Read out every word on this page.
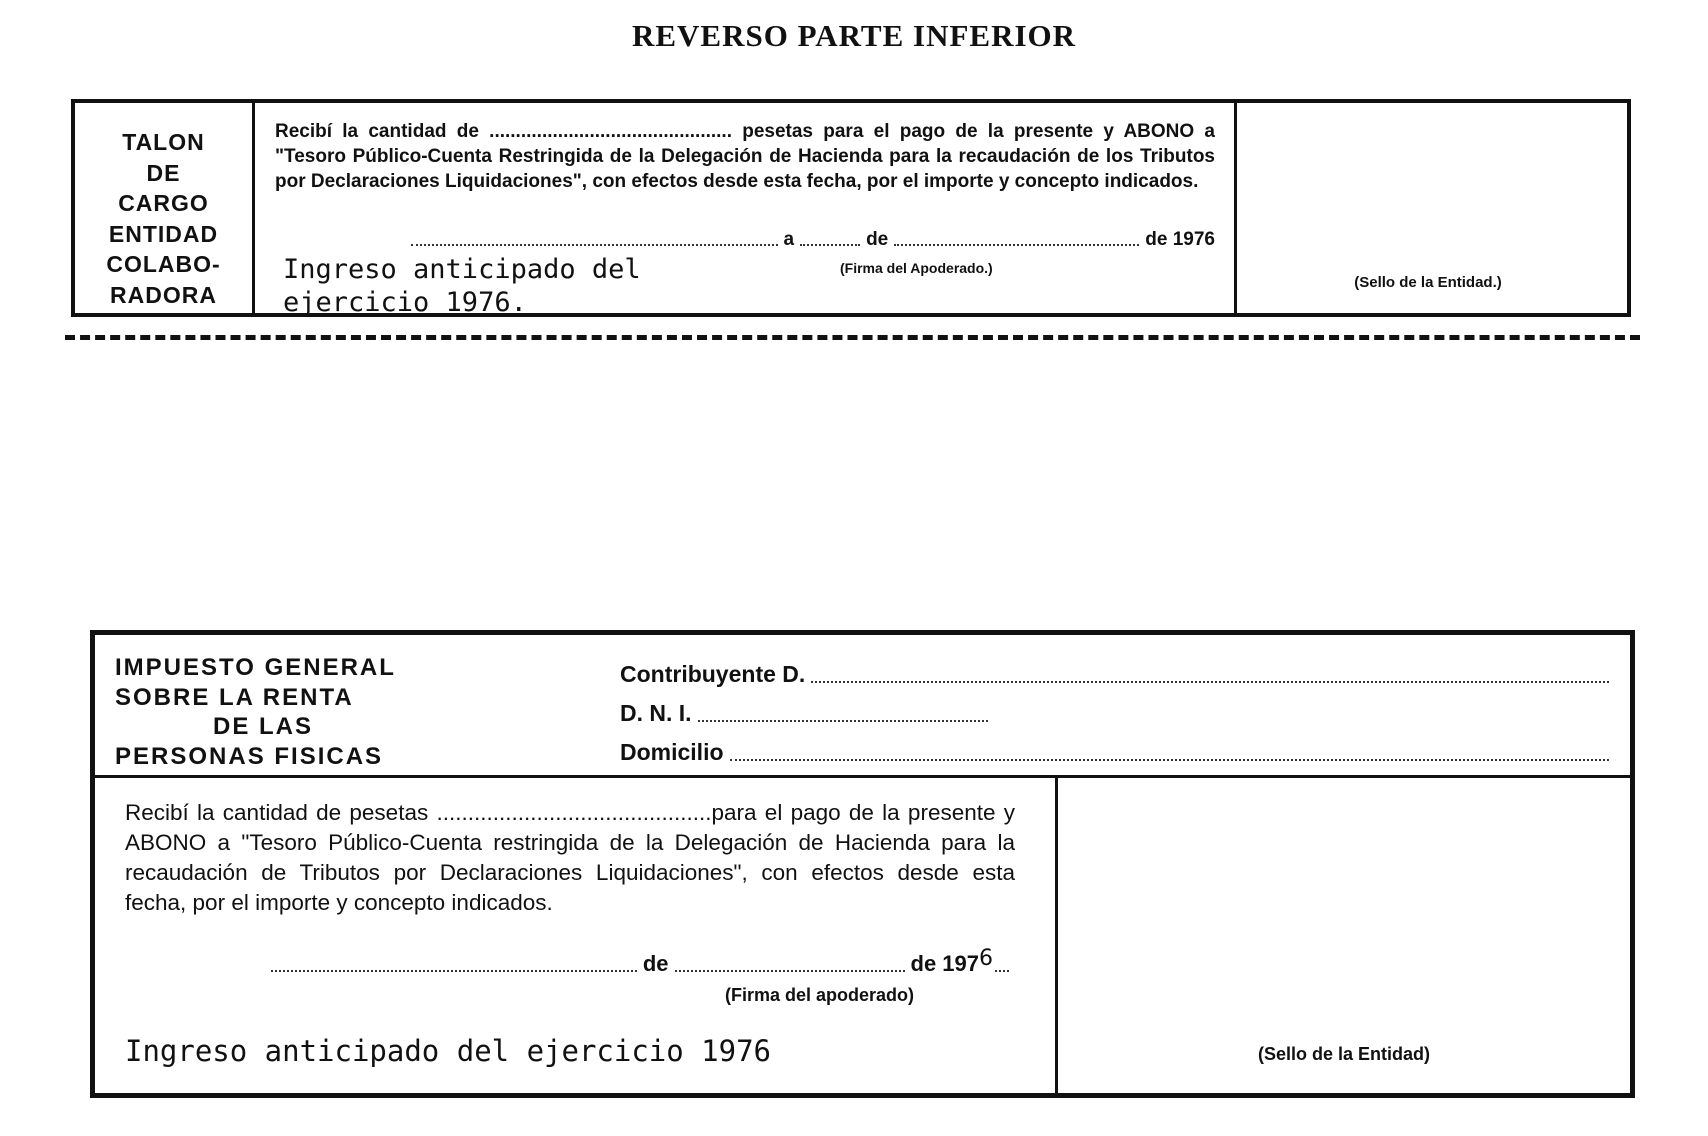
REVERSO PARTE INFERIOR
TALON
DE
CARGO
ENTIDAD
COLABO-
RADORA
Recibí la cantidad de .............................................. pesetas para el pago de la presente y ABONO a "Tesoro Público-Cuenta Restringida de la Delegación de Hacienda para la recaudación de los Tributos por Declaraciones Liquidaciones", con efectos desde esta fecha, por el importe y concepto indicados.
a	de	de 1976
(Firma del Apoderado.)
Ingreso anticipado del
ejercicio 1976.
(Sello de la Entidad.)
IMPUESTO GENERAL
SOBRE LA RENTA
DE LAS
PERSONAS FISICAS
Contribuyente D.
D. N. I.
Domicilio
Recibí la cantidad de pesetas ............................................para el pago de la presente y ABONO a "Tesoro Público-Cuenta restringida de la Delegación de Hacienda para la recaudación de Tributos por Declaraciones Liquidaciones", con efectos desde esta fecha, por el importe y concepto indicados.
de	de 197 6
(Firma del apoderado)
Ingreso anticipado del ejercicio 1976	(Sello de la Entidad)
